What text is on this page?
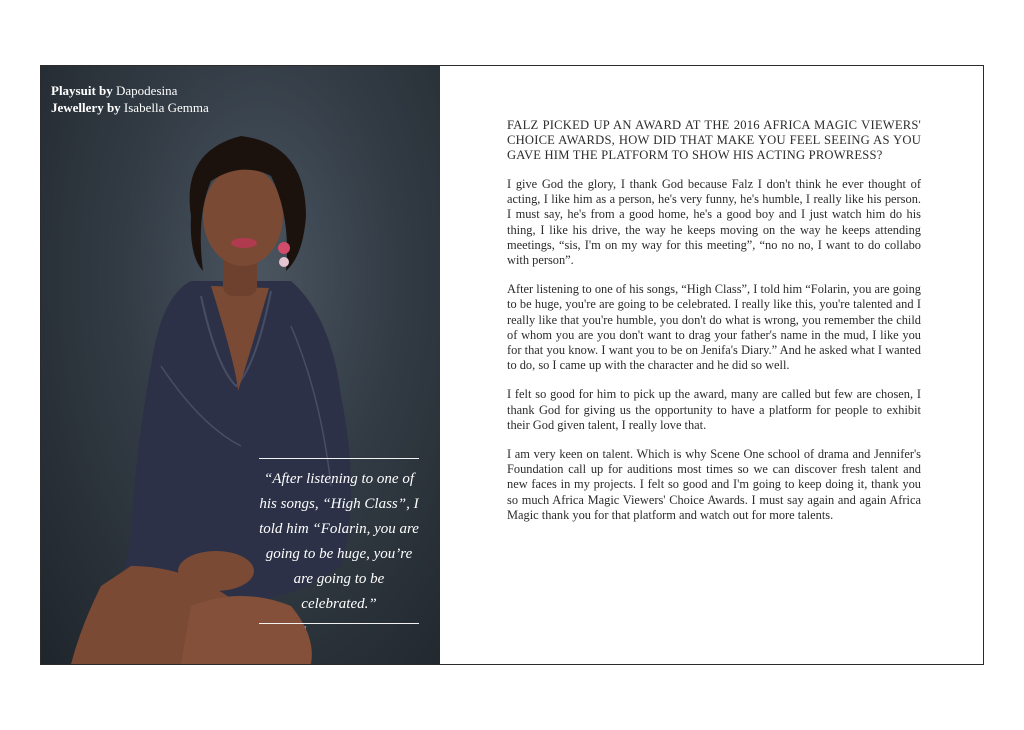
Playsuit by Dapodesina
Jewellery by Isabella Gemma
“After listening to one of his songs, “High Class”, I told him “Folarin, you are going to be huge, you’re are going to be celebrated.”

FALZ PICKED UP AN AWARD AT THE 2016 AFRICA MAGIC VIEWERS' CHOICE AWARDS, HOW DID THAT MAKE YOU FEEL SEEING AS YOU GAVE HIM THE PLATFORM TO SHOW HIS ACTING PROWRESS?

I give God the glory, I thank God because Falz I don't think he ever thought of acting, I like him as a person, he's very funny, he's humble, I really like his person. I must say, he's from a good home, he's a good boy and I just watch him do his thing, I like his drive, the way he keeps moving on the way he keeps attending meetings, “sis, I'm on my way for this meeting”, “no no no, I want to do collabo with person”.

After listening to one of his songs, “High Class”, I told him “Folarin, you are going to be huge, you're are going to be celebrated. I really like this, you're talented and I really like that you're humble, you don't do what is wrong, you remember the child of whom you are you don't want to drag your father's name in the mud, I like you for that you know. I want you to be on Jenifa's Diary.” And he asked what I wanted to do, so I came up with the character and he did so well.

I felt so good for him to pick up the award, many are called but few are chosen, I thank God for giving us the opportunity to have a platform for people to exhibit their God given talent, I really love that.

I am very keen on talent. Which is why Scene One school of drama and Jennifer's Foundation call up for auditions most times so we can discover fresh talent and new faces in my projects. I felt so good and I'm going to keep doing it, thank you so much Africa Magic Viewers' Choice Awards. I must say again and again Africa Magic thank you for that platform and watch out for more talents.
